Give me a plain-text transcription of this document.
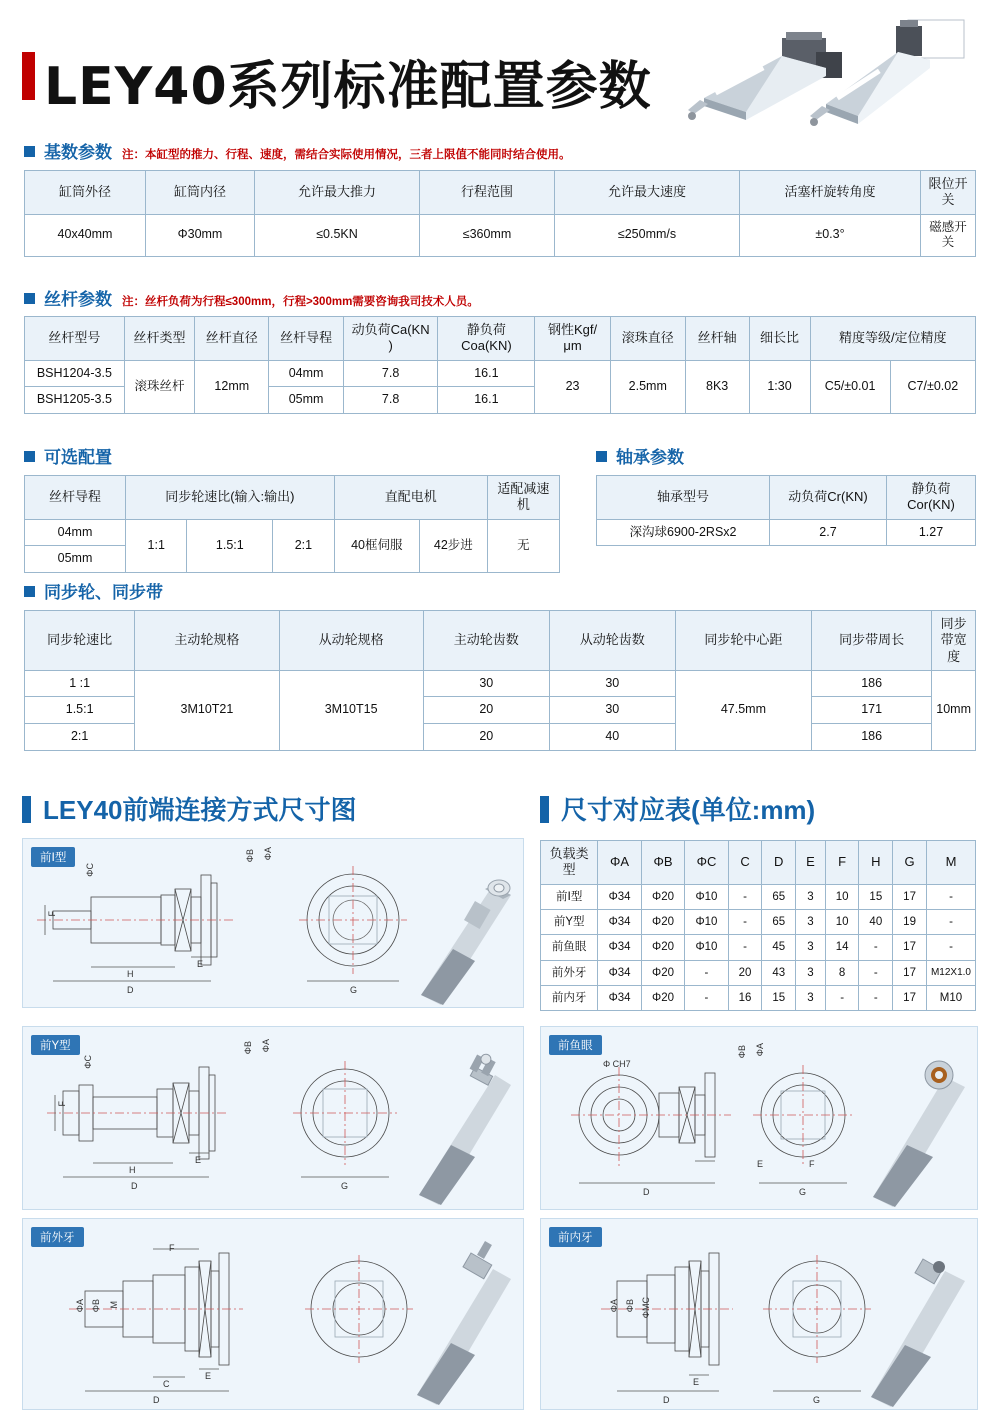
LEY40系列标准配置参数
基数参数 注：本缸型的推力、行程、速度，需结合实际使用情况，三者上限值不能同时结合使用。
缸筒外径	缸筒内径	允许最大推力	行程范围	允许最大速度	活塞杆旋转角度	限位开关
40x40mm	Φ30mm	≤0.5KN	≤360mm	≤250mm/s	±0.3°	磁感开关
丝杆参数 注：丝杆负荷为行程≤300mm，行程>300mm需要咨询我司技术人员。
丝杆型号	丝杆类型	丝杆直径	丝杆导程	动负荷Ca(KN )	静负荷Coa(KN)	钢性Kgf/μm	滚珠直径	丝杆轴	细长比	精度等级/定位精度	
BSH1204-3.5	滚珠丝杆	12mm	04mm	7.8	16.1	23	2.5mm	8K3	1:30	C5/±0.01	C7/±0.02
BSH1205-3.5			05mm	7.8	16.1						
可选配置
丝杆导程	同步轮速比(输入:输出)			直配电机		适配减速机
04mm	1:1	1.5:1	2:1	40框伺服	42步进	无
05mm						
轴承参数
轴承型号	动负荷Cr(KN)	静负荷Cor(KN)
深沟球6900-2RSx2	2.7	1.27
同步轮、同步带
同步轮速比	主动轮规格	从动轮规格	主动轮齿数	从动轮齿数	同步轮中心距	同步带周长	同步带宽度
1 :1	3M10T21	3M10T15	30	30	47.5mm	186	10mm
1.5:1			20	30		171	
2:1			20	40		186	
LEY40前端连接方式尺寸图	尺寸对应表(单位:mm)
负载类型	ΦA	ΦB	ΦC	C	D	E	F	H	G	M
前Ⅰ型	Φ34	Φ20	Φ10	-	65	3	10	15	17	-
前Y型	Φ34	Φ20	Φ10	-	65	3	10	40	19	-
前鱼眼	Φ34	Φ20	Φ10	-	45	3	14	-	17	-
前外牙	Φ34	Φ20	-	20	43	3	8	-	17	M12X1.0
前内牙	Φ34	Φ20	-	16	15	3	-	-	17	M10
前Ⅰ型
F
ΦC
ΦB ΦA
H
E
D	G
前Y型
F
ΦC
ΦB ΦA
H
E
D	G
前鱼眼
Φ CH7
ΦB ΦA
E
D
F
G
前外牙
ΦA ΦB M
F
C
E
D
前内牙
ΦA ΦB ΦMC
E
D	G
